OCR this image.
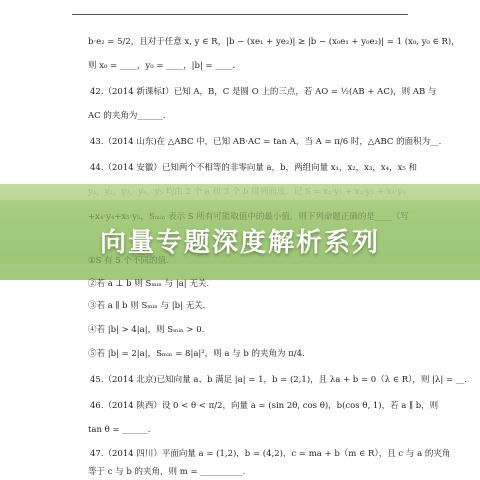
b·e₂ = 5/2，且对于任意 x, y ∈ R，|b − (xe₁ + ye₂)| ≥ |b − (x₀e₁ + y₀e₂)| = 1 (x₀, y₀ ∈ R)，
则 x₀ = ____，y₀ = ____，|b| = ____.
42.（2014 新课标Ⅰ）已知 A，B，C 是圆 O 上的三点，若 AO = ½(AB + AC)，则 AB 与
AC 的夹角为______.
43.（2014 山东)在 △ABC 中，已知 AB·AC = tan A，当 A = π/6 时，△ABC 的面积为__.
44.（2014 安徽）已知两个不相等的非零向量 a，b，两组向量 x₁，x₂，x₃，x₄，x₅ 和
+x₄·y₄+x₅·y₅，Sₘᵢₙ 表示 S 所有可能取值中的最小值．则下列命题正确的是____（写
①S 有 5 个不同的值.
向量专题深度解析系列
②若 a ⊥ b 则 Sₘᵢₙ 与 |a| 无关.
③若 a ∥ b 则 Sₘᵢₙ 与 |b| 无关.
④若 |b| > 4|a|，则 Sₘᵢₙ > 0.
⑤若 |b| = 2|a|，Sₘᵢₙ = 8|a|²，则 a 与 b 的夹角为 π/4.
45.（2014 北京)已知向量 a、b 满足 |a| = 1，b = (2,1)，且 λa + b = 0（λ ∈ R），则 |λ| = __.
46.（2014 陕西）设 0 < θ < π/2，向量 a = (sin 2θ, cos θ)，b(cos θ, 1)，若 a ∥ b，则
tan θ = ______.
47.（2014 四川）平面向量 a = (1,2)，b = (4,2)，c = ma + b（m ∈ R），且 c 与 a 的夹角
等于 c 与 b 的夹角，则 m = __________.
